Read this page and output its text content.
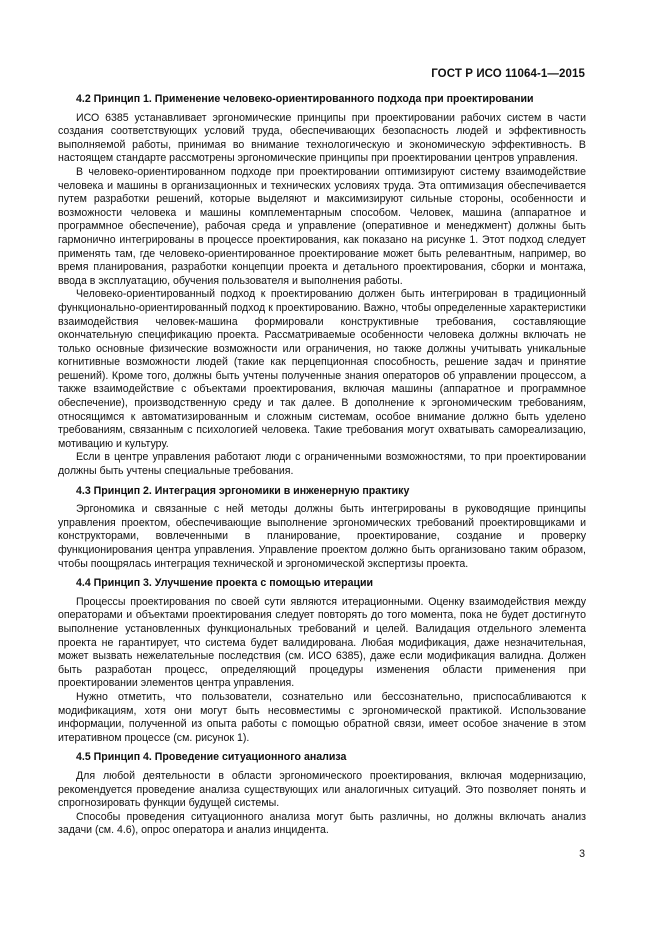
ГОСТ Р ИСО 11064-1—2015
4.2 Принцип 1. Применение человеко-ориентированного подхода при проектировании

ИСО 6385 устанавливает эргономические принципы при проектировании рабочих систем в части создания соответствующих условий труда, обеспечивающих безопасность людей и эффективность выполняемой работы, принимая во внимание технологическую и экономическую эффективность. В настоящем стандарте рассмотрены эргономические принципы при проектировании центров управления.

В человеко-ориентированном подходе при проектировании оптимизируют систему взаимодействие человека и машины в организационных и технических условиях труда. Эта оптимизация обеспечивается путем разработки решений, которые выделяют и максимизируют сильные стороны, особенности и возможности человека и машины комплементарным способом. Человек, машина (аппаратное и программное обеспечение), рабочая среда и управление (оперативное и менеджмент) должны быть гармонично интегрированы в процессе проектирования, как показано на рисунке 1. Этот подход следует применять там, где человеко-ориентированное проектирование может быть релевантным, например, во время планирования, разработки концепции проекта и детального проектирования, сборки и монтажа, ввода в эксплуатацию, обучения пользователя и выполнения работы.

Человеко-ориентированный подход к проектированию должен быть интегрирован в традиционный функционально-ориентированный подход к проектированию. Важно, чтобы определенные характеристики взаимодействия человек-машина формировали конструктивные требования, составляющие окончательную спецификацию проекта. Рассматриваемые особенности человека должны включать не только основные физические возможности или ограничения, но также должны учитывать уникальные когнитивные возможности людей (такие как перцепционная способность, решение задач и принятие решений). Кроме того, должны быть учтены полученные знания операторов об управлении процессом, а также взаимодействие с объектами проектирования, включая машины (аппаратное и программное обеспечение), производственную среду и так далее. В дополнение к эргономическим требованиям, относящимся к автоматизированным и сложным системам, особое внимание должно быть уделено требованиям, связанным с психологией человека. Такие требования могут охватывать самореализацию, мотивацию и культуру.

Если в центре управления работают люди с ограниченными возможностями, то при проектировании должны быть учтены специальные требования.

4.3 Принцип 2. Интеграция эргономики в инженерную практику

Эргономика и связанные с ней методы должны быть интегрированы в руководящие принципы управления проектом, обеспечивающие выполнение эргономических требований проектировщиками и конструкторами, вовлеченными в планирование, проектирование, создание и проверку функционирования центра управления. Управление проектом должно быть организовано таким образом, чтобы поощрялась интеграция технической и эргономической экспертизы проекта.

4.4 Принцип 3. Улучшение проекта с помощью итерации

Процессы проектирования по своей сути являются итерационными. Оценку взаимодействия между операторами и объектами проектирования следует повторять до того момента, пока не будет достигнуто выполнение установленных функциональных требований и целей. Валидация отдельного элемента проекта не гарантирует, что система будет валидирована. Любая модификация, даже незначительная, может вызвать нежелательные последствия (см. ИСО 6385), даже если модификация валидна. Должен быть разработан процесс, определяющий процедуры изменения области применения при проектировании элементов центра управления.

Нужно отметить, что пользователи, сознательно или бессознательно, приспосабливаются к модификациям, хотя они могут быть несовместимы с эргономической практикой. Использование информации, полученной из опыта работы с помощью обратной связи, имеет особое значение в этом итеративном процессе (см. рисунок 1).

4.5 Принцип 4. Проведение ситуационного анализа

Для любой деятельности в области эргономического проектирования, включая модернизацию, рекомендуется проведение анализа существующих или аналогичных ситуаций. Это позволяет понять и спрогнозировать функции будущей системы.

Способы проведения ситуационного анализа могут быть различны, но должны включать анализ задачи (см. 4.6), опрос оператора и анализ инцидента.

3
